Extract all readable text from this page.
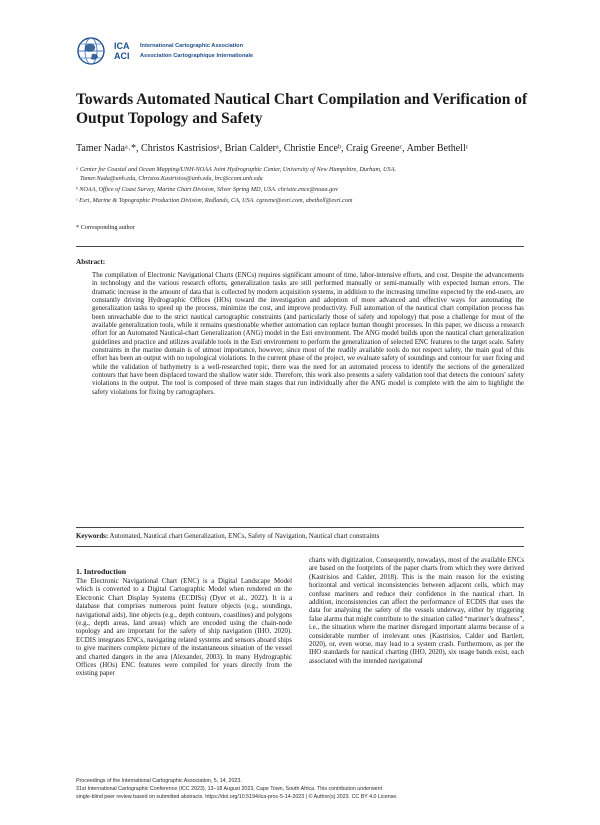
ICA	International Cartographic Association
ACI	Association Cartographique Internationale
Towards Automated Nautical Chart Compilation and Verification of Output Topology and Safety

Tamer Nadaᵃ˒*, Christos Kastrisiosᵃ, Brian Calderᵃ, Christie Enceᵇ, Craig Greeneᶜ, Amber Bethellᶜ

ᵃ Center for Coastal and Ocean Mapping/UNH-NOAA Joint Hydrographic Center, University of New Hampshire, Durham, USA.

Tamer.Nada@unh.edu, Christos.Kastrisios@unh.edu, brc@ccom.unh.edu

ᵇ NOAA, Office of Coast Survey, Marine Chart Division, Silver Spring MD, USA. christie.ence@noaa.gov

ᶜ Esri, Marine & Topographic Production Division, Redlands, CA, USA. cgreene@esri.com, abethell@esri.com

* Corresponding author

Abstract:

The compilation of Electronic Navigational Charts (ENCs) requires significant amount of time, labor-intensive efforts, and cost. Despite the advancements in technology and the various research efforts, generalization tasks are still performed manually or semi-manually with expected human errors. The dramatic increase in the amount of data that is collected by modern acquisition systems, in addition to the increasing timeline expected by the end-users, are constantly driving Hydrographic Offices (HOs) toward the investigation and adoption of more advanced and effective ways for automating the generalization tasks to speed up the process, minimize the cost, and improve productivity. Full automation of the nautical chart compilation process has been unreachable due to the strict nautical cartographic constraints (and particularly those of safety and topology) that pose a challenge for most of the available generalization tools, while it remains questionable whether automation can replace human thought processes. In this paper, we discuss a research effort for an Automated Nautical-chart Generalization (ANG) model in the Esri environment. The ANG model builds upon the nautical chart generalization guidelines and practice and utilizes available tools in the Esri environment to perform the generalization of selected ENC features to the target scale. Safety constraints in the marine domain is of utmost importance, however, since most of the readily available tools do not respect safety, the main goal of this effort has been an output with no topological violations. In the current phase of the project, we evaluate safety of soundings and contour for user fixing and while the validation of bathymetry is a well-researched topic, there was the need for an automated process to identify the sections of the generalized contours that have been displaced toward the shallow water side. Therefore, this work also presents a safety validation tool that detects the contours' safety violations in the output. The tool is composed of three main stages that run individually after the ANG model is complete with the aim to highlight the safety violations for fixing by cartographers.

Keywords: Automated, Nautical chart Generalization, ENCs, Safety of Navigation, Nautical chart constraints

1. Introduction

The Electronic Navigational Chart (ENC) is a Digital Landscape Model which is converted to a Digital Cartographic Model when rendered on the Electronic Chart Display Systems (ECDISs) (Dyer et al., 2022). It is a database that comprises numerous point feature objects (e.g., soundings, navigational aids), line objects (e.g., depth contours, coastlines) and polygons (e.g., depth areas, land areas) which are encoded using the chain-node topology and are important for the safety of ship navigation (IHO, 2020). ECDIS integrates ENCs, navigating related systems and sensors aboard ships to give mariners complete picture of the instantaneous situation of the vessel and charted dangers in the area (Alexander, 2003). In many Hydrographic Offices (HOs) ENC features were compiled for years directly from the existing paper

charts with digitization. Consequently, nowadays, most of the available ENCs are based on the footprints of the paper charts from which they were derived (Kastrisios and Calder, 2018). This is the main reason for the existing horizontal and vertical inconsistencies between adjacent cells, which may confuse mariners and reduce their confidence in the nautical chart. In addition, inconsistencies can affect the performance of ECDIS that uses the data for analysing the safety of the vessels underway, either by triggering false alarms that might contribute to the situation called “mariner’s deafness”, i.e., the situation where the mariner disregard important alarms because of a considerable number of irrelevant ones (Kastrisios, Calder and Bartlett, 2020), or, even worse, may lead to a system crash. Furthermore, as per the IHO standards for nautical charting (IHO, 2020), six usage bands exist, each associated with the intended navigational

Proceedings of the International Cartographic Association, 5, 14, 2023.
31st International Cartographic Conference (ICC 2023), 13–18 August 2023, Cape Town, South Africa. This contribution underwent
single-blind peer review based on submitted abstracts. https://doi.org/10.5194/ica-proc-5-14-2023 | © Author(s) 2023. CC BY 4.0 License.
